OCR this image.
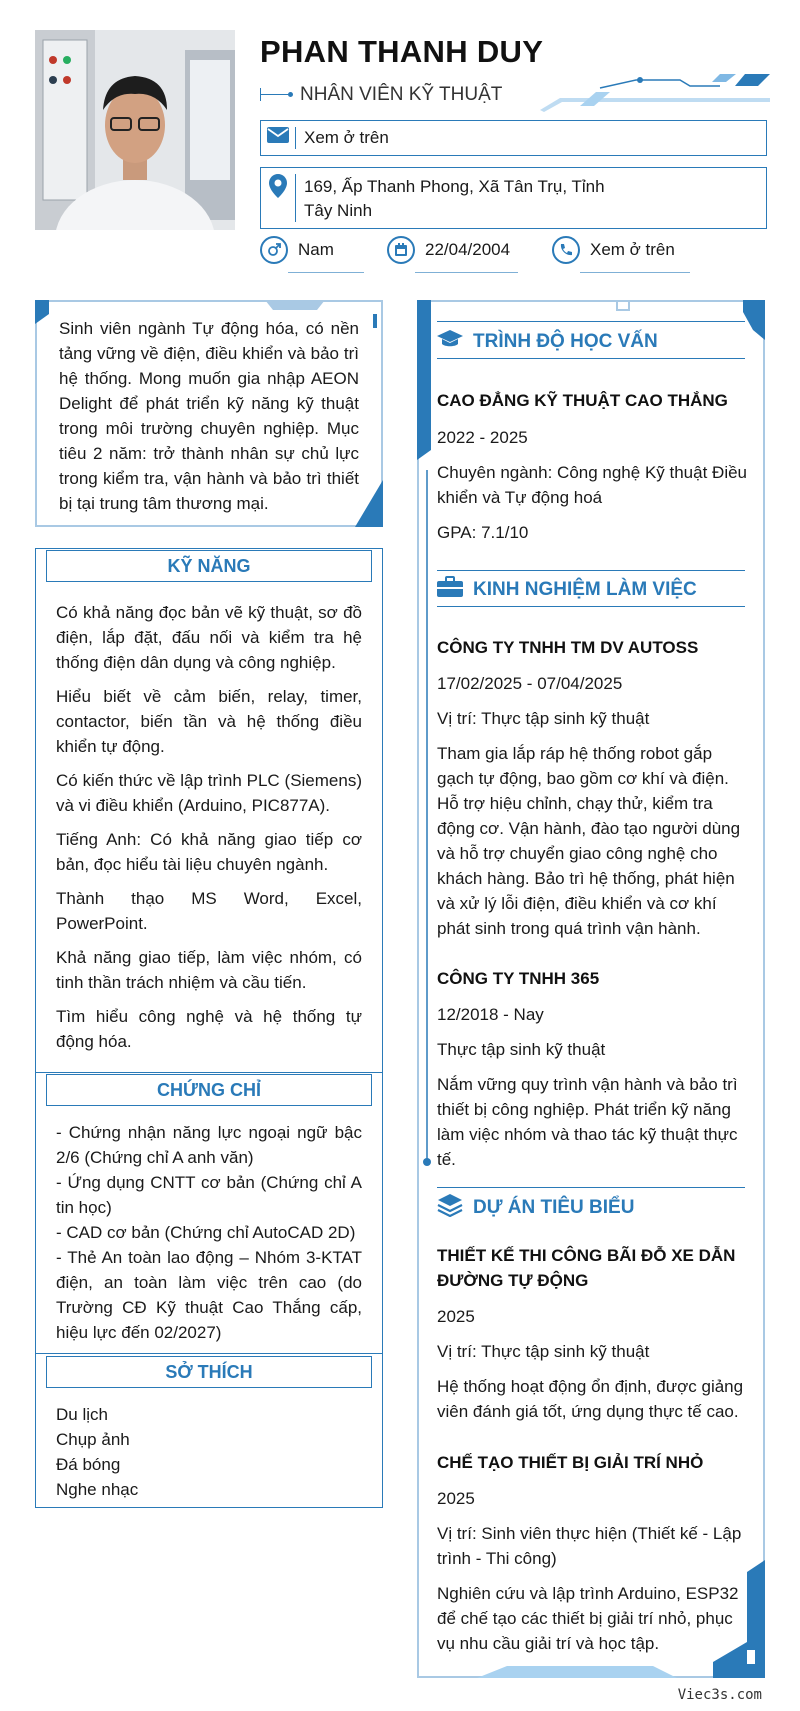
PHAN THANH DUY
NHÂN VIÊN KỸ THUẬT
Xem ở trên
169, Ấp Thanh Phong, Xã Tân Trụ, Tỉnh Tây Ninh
Nam	22/04/2004	Xem ở trên
Sinh viên ngành Tự động hóa, có nền tảng vững về điện, điều khiển và bảo trì hệ thống. Mong muốn gia nhập AEON Delight để phát triển kỹ năng kỹ thuật trong môi trường chuyên nghiệp. Mục tiêu 2 năm: trở thành nhân sự chủ lực trong kiểm tra, vận hành và bảo trì thiết bị tại trung tâm thương mại.
KỸ NĂNG
Có khả năng đọc bản vẽ kỹ thuật, sơ đồ điện, lắp đặt, đấu nối và kiểm tra hệ thống điện dân dụng và công nghiệp.
Hiểu biết về cảm biến, relay, timer, contactor, biến tần và hệ thống điều khiển tự động.
Có kiến thức về lập trình PLC (Siemens) và vi điều khiển (Arduino, PIC877A).
Tiếng Anh: Có khả năng giao tiếp cơ bản, đọc hiểu tài liệu chuyên ngành.
Thành thạo MS Word, Excel, PowerPoint.
Khả năng giao tiếp, làm việc nhóm, có tinh thần trách nhiệm và cầu tiến.
Tìm hiểu công nghệ và hệ thống tự động hóa.
CHỨNG CHỈ
- Chứng nhận năng lực ngoại ngữ bậc 2/6 (Chứng chỉ A anh văn)
- Ứng dụng CNTT cơ bản (Chứng chỉ A tin học)
- CAD cơ bản (Chứng chỉ AutoCAD 2D)
- Thẻ An toàn lao động – Nhóm 3-KTAT điện, an toàn làm việc trên cao (do Trường CĐ Kỹ thuật Cao Thắng cấp, hiệu lực đến 02/2027)
SỞ THÍCH
Du lịch
Chụp ảnh
Đá bóng
Nghe nhạc
TRÌNH ĐỘ HỌC VẤN
CAO ĐẲNG KỸ THUẬT CAO THẮNG
2022 - 2025
Chuyên ngành: Công nghệ Kỹ thuật Điều khiển và Tự động hoá
GPA: 7.1/10
KINH NGHIỆM LÀM VIỆC
CÔNG TY TNHH TM DV AUTOSS
17/02/2025 - 07/04/2025
Vị trí: Thực tập sinh kỹ thuật
Tham gia lắp ráp hệ thống robot gắp gạch tự động, bao gồm cơ khí và điện. Hỗ trợ hiệu chỉnh, chạy thử, kiểm tra động cơ. Vận hành, đào tạo người dùng và hỗ trợ chuyển giao công nghệ cho khách hàng. Bảo trì hệ thống, phát hiện và xử lý lỗi điện, điều khiển và cơ khí phát sinh trong quá trình vận hành.
CÔNG TY TNHH 365
12/2018 - Nay
Thực tập sinh kỹ thuật
Nắm vững quy trình vận hành và bảo trì thiết bị công nghiệp. Phát triển kỹ năng làm việc nhóm và thao tác kỹ thuật thực tế.
DỰ ÁN TIÊU BIỂU
THIẾT KẾ THI CÔNG BÃI ĐỖ XE DẪN ĐƯỜNG TỰ ĐỘNG
2025
Vị trí: Thực tập sinh kỹ thuật
Hệ thống hoạt động ổn định, được giảng viên đánh giá tốt, ứng dụng thực tế cao.
CHẾ TẠO THIẾT BỊ GIẢI TRÍ NHỎ
2025
Vị trí: Sinh viên thực hiện (Thiết kế - Lập trình - Thi công)
Nghiên cứu và lập trình Arduino, ESP32 để chế tạo các thiết bị giải trí nhỏ, phục vụ nhu cầu giải trí và học tập.
Viec3s.com
